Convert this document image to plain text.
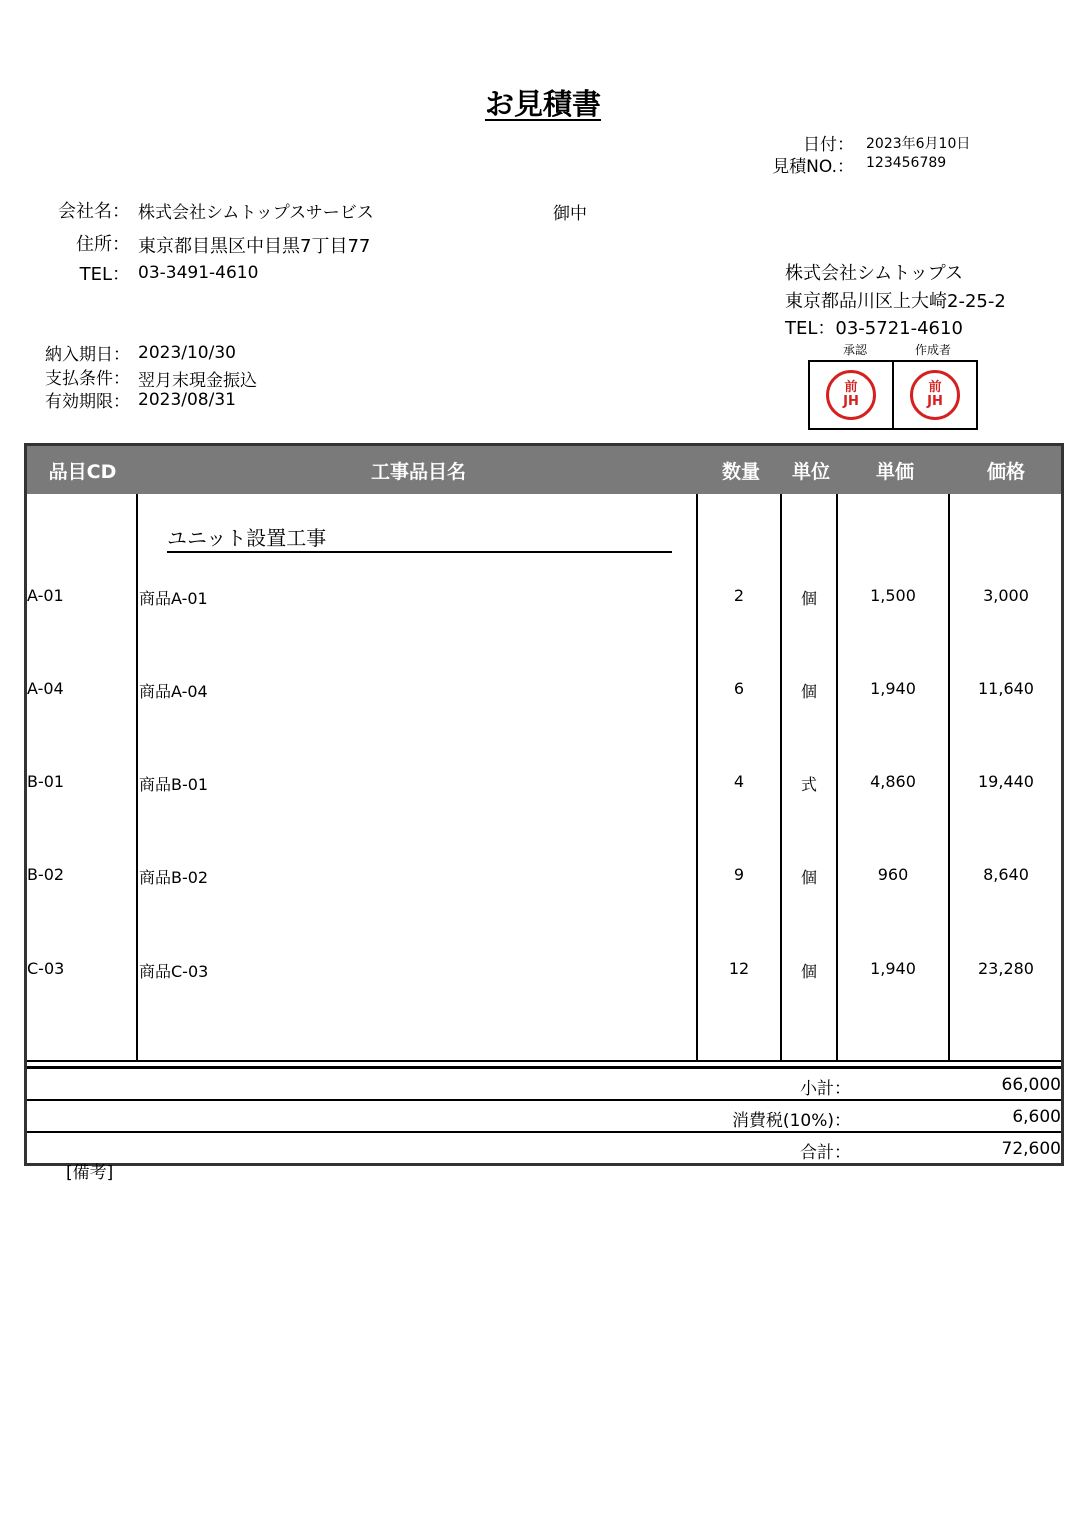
お見積書
日付： 2023年6月10日
見積NO.： 123456789
会社名： 株式会社シムトップスサービス	御中
住所： 東京都目黒区中目黒7丁目77
TEL： 03-3491-4610
納入期日： 2023/10/30
支払条件： 翌月末現金振込
有効期限： 2023/08/31
株式会社シムトップス
東京都品川区上大崎2-25-2
TEL：03-5721-4610
承認	作成者
前
JH
前
JH
品目CD	工事品目名	数量	単位	単価	価格
ユニット設置工事
A-01	商品A-01	2	個	1,500	3,000
A-04	商品A-04	6	個	1,940	11,640
B-01	商品B-01	4	式	4,860	19,440
B-02	商品B-02	9	個	960	8,640
C-03	商品C-03	12	個	1,940	23,280
小計：	66,000
消費税(10%)：	6,600
合計：	72,600
[備考]
